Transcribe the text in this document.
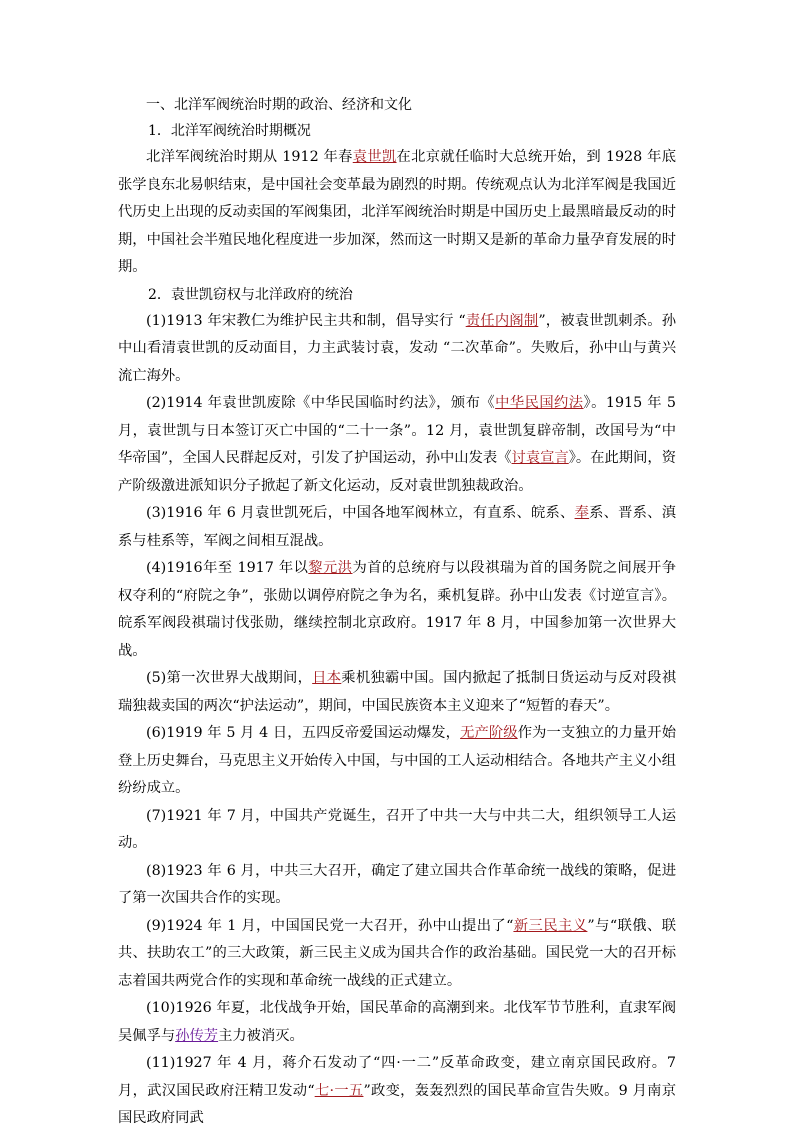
一、北洋军阀统治时期的政治、经济和文化

1．北洋军阀统治时期概况

北洋军阀统治时期从 1912 年春袁世凯在北京就任临时大总统开始，到 1928 年底张学良东北易帜结束，是中国社会变革最为剧烈的时期。传统观点认为北洋军阀是我国近代历史上出现的反动卖国的军阀集团，北洋军阀统治时期是中国历史上最黑暗最反动的时期，中国社会半殖民地化程度进一步加深，然而这一时期又是新的革命力量孕育发展的时期。

2．袁世凯窃权与北洋政府的统治

(1)1913 年宋教仁为维护民主共和制，倡导实行 “责任内阁制”，被袁世凯刺杀。孙中山看清袁世凯的反动面目，力主武装讨袁，发动 “二次革命”。失败后，孙中山与黄兴流亡海外。

(2)1914 年袁世凯废除《中华民国临时约法》，颁布《中华民国约法》。1915 年 5 月，袁世凯与日本签订灭亡中国的“二十一条”。12 月，袁世凯复辟帝制，改国号为“中华帝国”，全国人民群起反对，引发了护国运动，孙中山发表《讨袁宣言》。在此期间，资产阶级激进派知识分子掀起了新文化运动，反对袁世凯独裁政治。

(3)1916 年 6 月袁世凯死后，中国各地军阀林立，有直系、皖系、奉系、晋系、滇系与桂系等，军阀之间相互混战。

(4)1916年至 1917 年以黎元洪为首的总统府与以段祺瑞为首的国务院之间展开争权夺利的“府院之争”，张勋以调停府院之争为名，乘机复辟。孙中山发表《讨逆宣言》。皖系军阀段祺瑞讨伐张勋，继续控制北京政府。1917 年 8 月，中国参加第一次世界大战。

(5)第一次世界大战期间，日本乘机独霸中国。国内掀起了抵制日货运动与反对段祺瑞独裁卖国的两次“护法运动”，期间，中国民族资本主义迎来了“短暂的春天”。

(6)1919 年 5 月 4 日，五四反帝爱国运动爆发，无产阶级作为一支独立的力量开始登上历史舞台，马克思主义开始传入中国，与中国的工人运动相结合。各地共产主义小组纷纷成立。

(7)1921 年 7 月，中国共产党诞生，召开了中共一大与中共二大，组织领导工人运动。

(8)1923 年 6 月，中共三大召开，确定了建立国共合作革命统一战线的策略，促进了第一次国共合作的实现。

(9)1924 年 1 月，中国国民党一大召开，孙中山提出了“新三民主义”与“联俄、联共、扶助农工”的三大政策，新三民主义成为国共合作的政治基础。国民党一大的召开标志着国共两党合作的实现和革命统一战线的正式建立。

(10)1926 年夏，北伐战争开始，国民革命的高潮到来。北伐军节节胜利，直隶军阀吴佩孚与孙传芳主力被消灭。

(11)1927 年 4 月，蒋介石发动了“四·一二”反革命政变，建立南京国民政府。7 月，武汉国民政府汪精卫发动“七·一五”政变，轰轰烈烈的国民革命宣告失败。9 月南京国民政府同武
